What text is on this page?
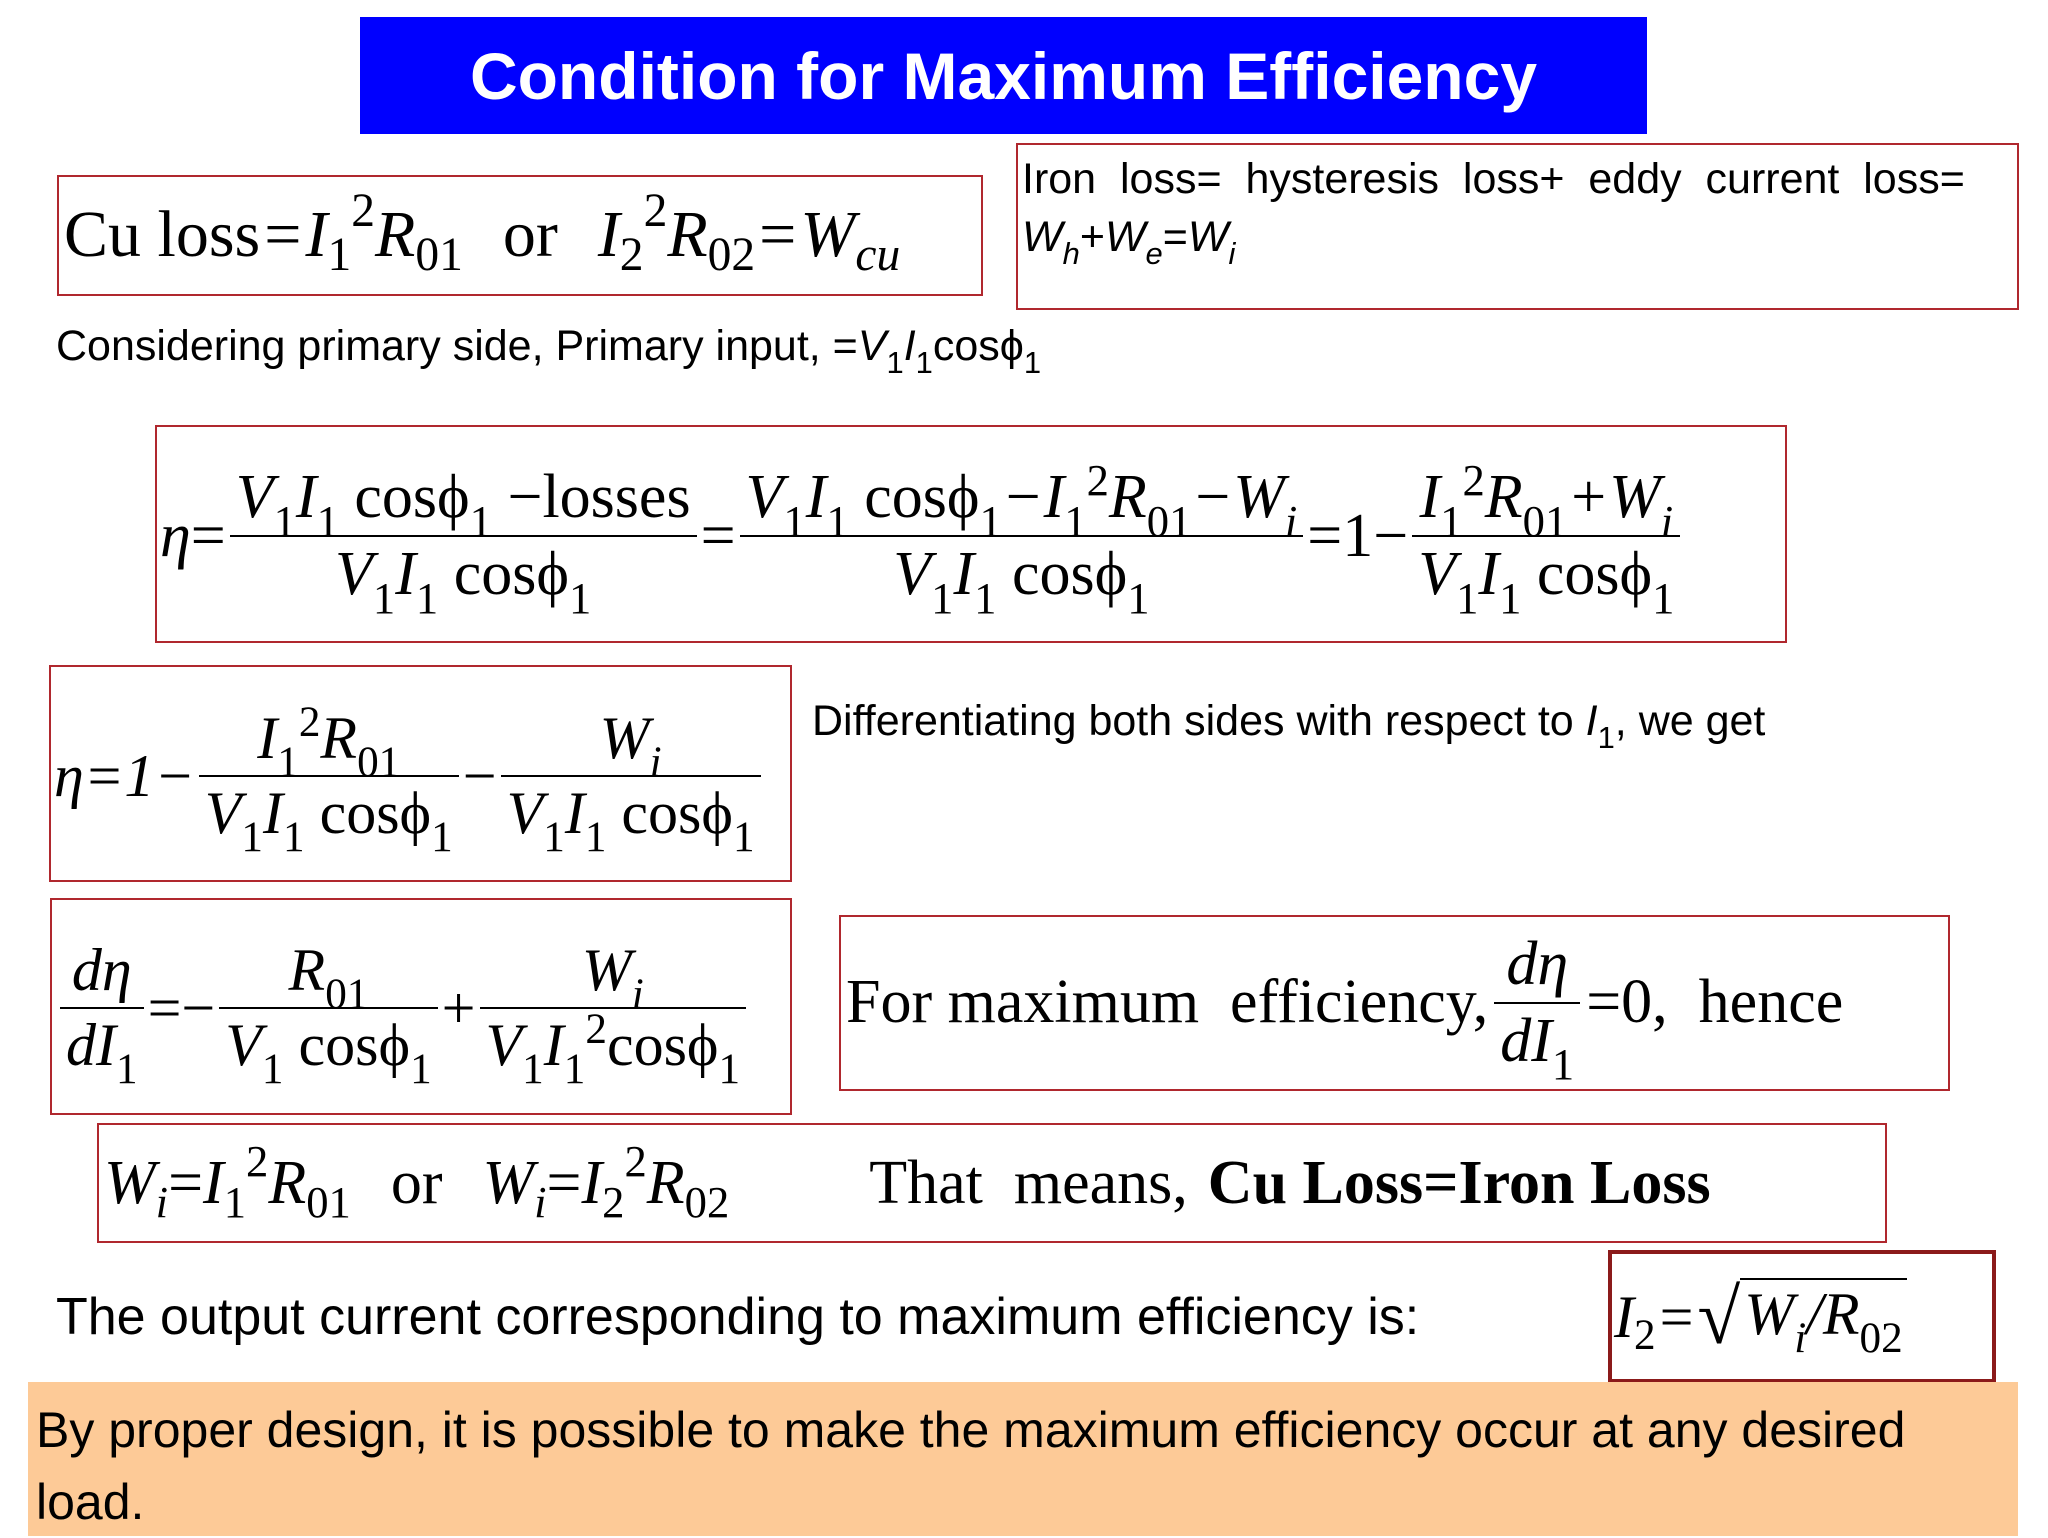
Condition for Maximum Efficiency
Cu loss = I 1
2 R 01 or I 2
2 R 02 = W cu
Iron  loss=  hysteresis  loss+  eddy  current  loss=
$W_h+W_e=W_i$
Considering primary side, Primary input, $=V_1I_1\cos\phi_1$
$\eta = \frac{V_1I_1 \cos\phi_1 -losses}{V_1I_1 \cos\phi_1} = \frac{V_1I_1 \cos\phi_1-I_1^2R_{01}-W_i}{V_1I_1 \cos\phi_1} =1- \frac{I_1^2R_{01}+W_i}{V_1I_1 \cos\phi_1}$
$\eta=1- \frac{I_1^2R_{01}}{V_1I_1 \cos\phi_1} - \frac{W_i}{V_1I_1 \cos\phi_1}$ Differentiating both sides with respect to $I_1$, we get
$\frac{d\eta}{dI_1} =- \frac{R_{01}}{V_1 \cos\phi_1} + \frac{W_i}{V_1I_1^2\cos\phi_1}$ For maximum  efficiency, $\frac{d\eta}{dI_1} =0$,  hence
W i = I 1
2 R 01 or W i = I 2
2 R 02 That  means, Cu Loss = Iron Loss
The output current corresponding to maximum efficiency is:	I 2 = √ $W_i/R_{02}$
By proper design, it is possible to make the maximum efficiency occur at any desired load.
